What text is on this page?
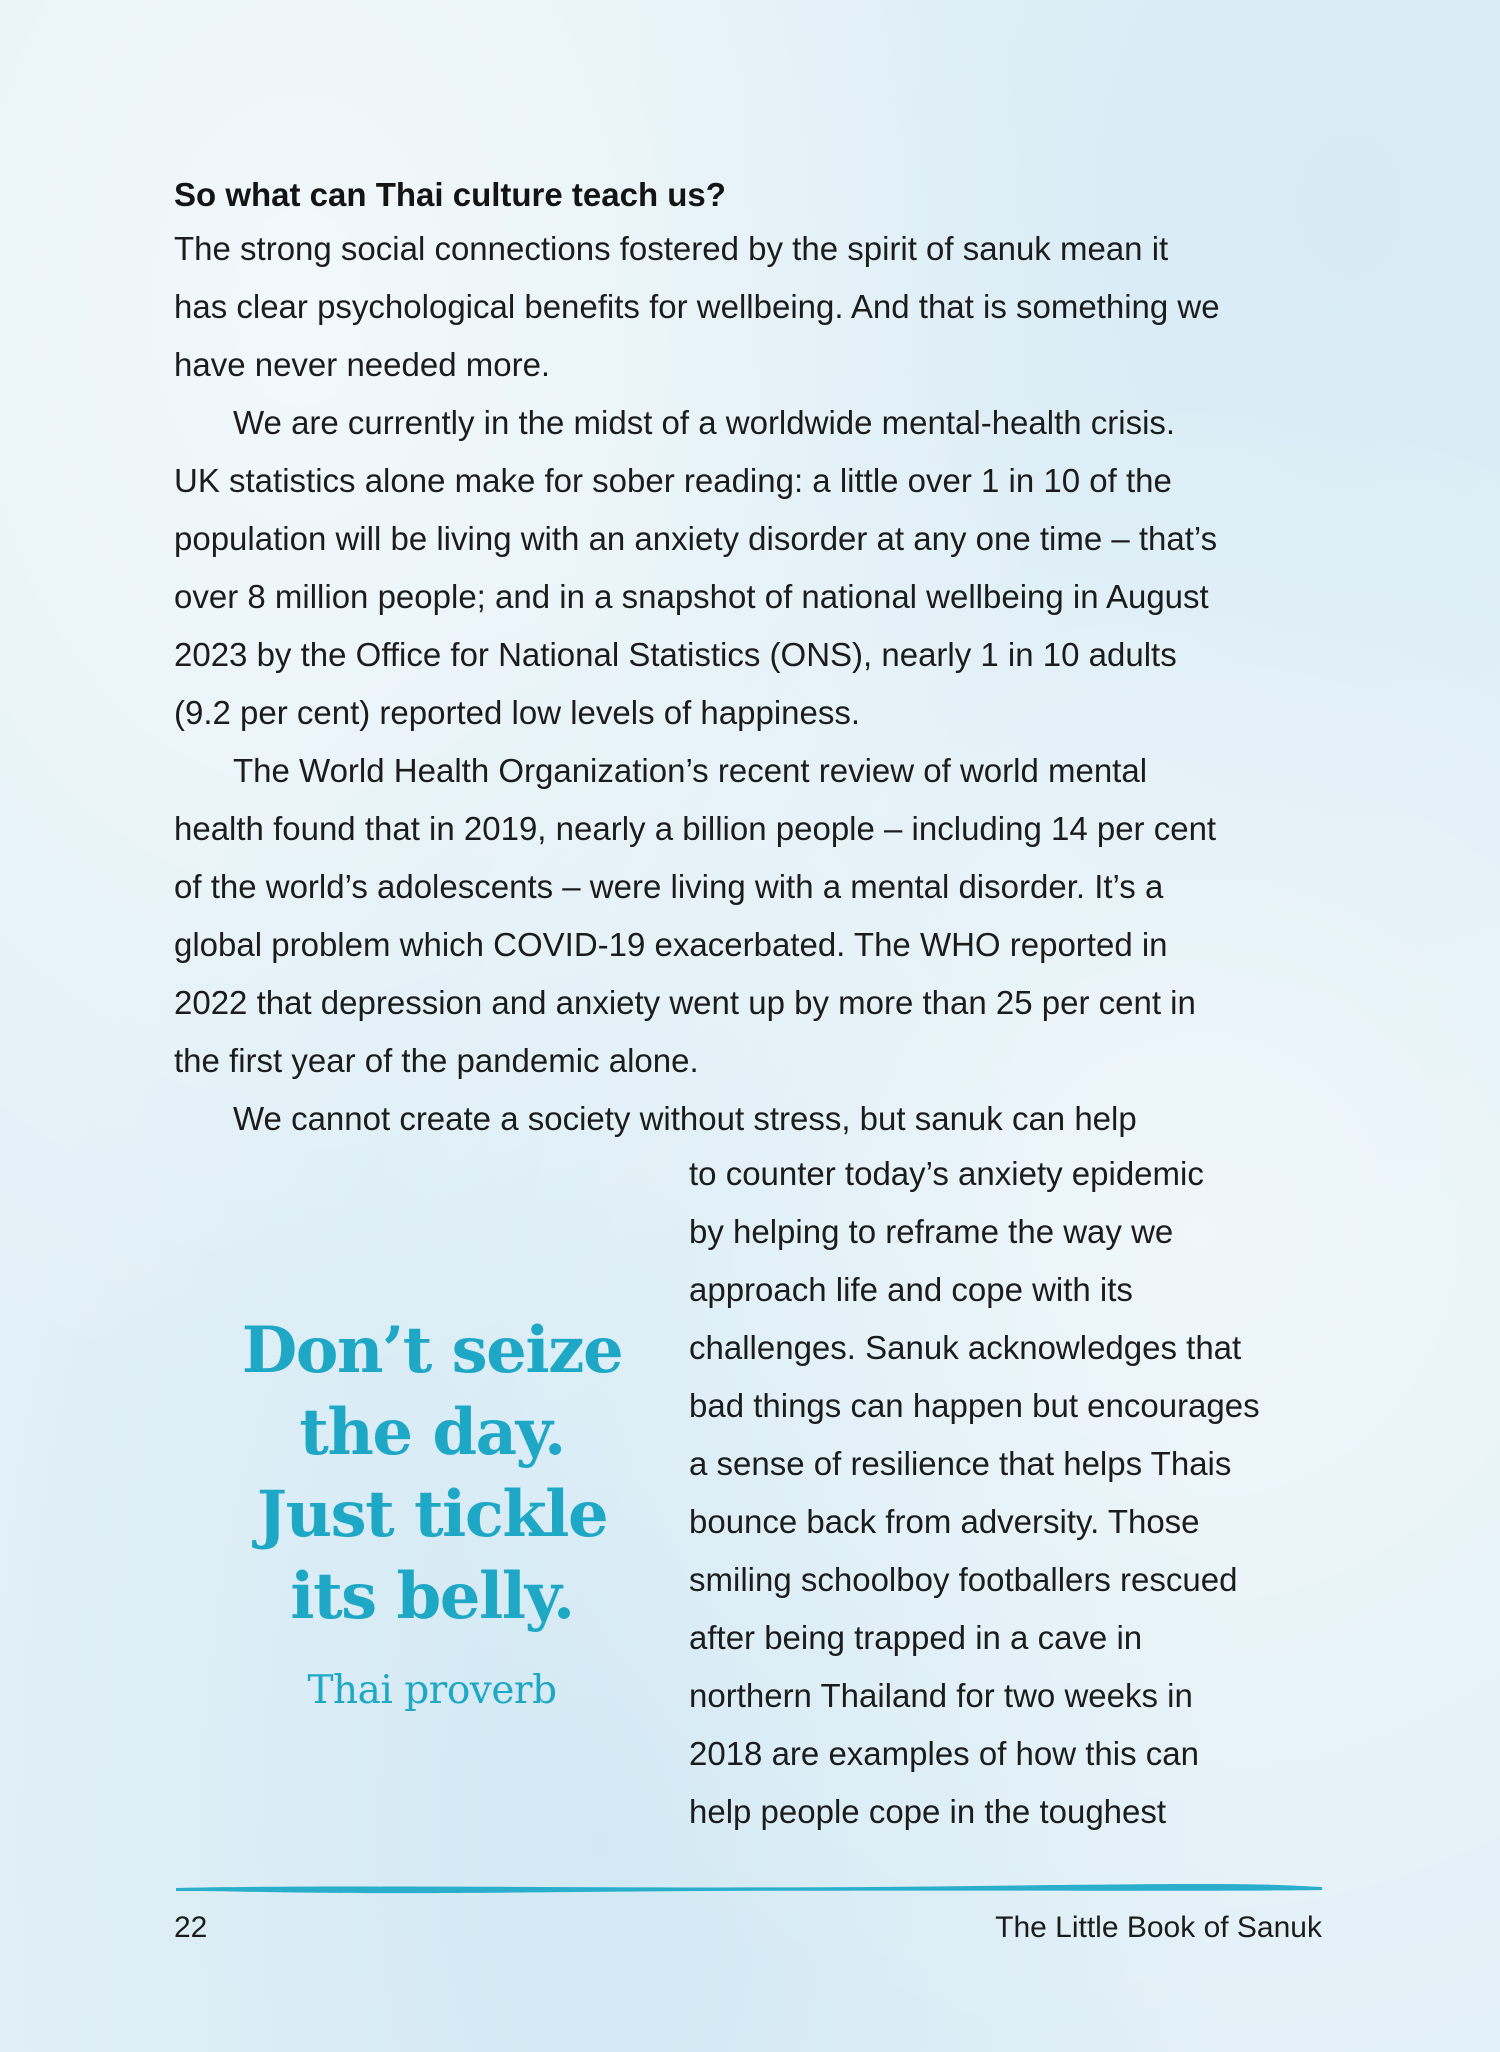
So what can Thai culture teach us?
The strong social connections fostered by the spirit of sanuk mean it
has clear psychological benefits for wellbeing. And that is something we
have never needed more.
We are currently in the midst of a worldwide mental-health crisis.
UK statistics alone make for sober reading: a little over 1 in 10 of the
population will be living with an anxiety disorder at any one time – that’s
over 8 million people; and in a snapshot of national wellbeing in August
2023 by the Office for National Statistics (ONS), nearly 1 in 10 adults
(9.2 per cent) reported low levels of happiness.
The World Health Organization’s recent review of world mental
health found that in 2019, nearly a billion people – including 14 per cent
of the world’s adolescents – were living with a mental disorder. It’s a
global problem which COVID-19 exacerbated. The WHO reported in
2022 that depression and anxiety went up by more than 25 per cent in
the first year of the pandemic alone.
We cannot create a society without stress, but sanuk can help
to counter today’s anxiety epidemic
by helping to reframe the way we
approach life and cope with its
challenges. Sanuk acknowledges that
bad things can happen but encourages
a sense of resilience that helps Thais
bounce back from adversity. Those
smiling schoolboy footballers rescued
after being trapped in a cave in
northern Thailand for two weeks in
2018 are examples of how this can
help people cope in the toughest
Don’t seize
the day.
Just tickle
its belly.
Thai proverb
22	The Little Book of Sanuk
